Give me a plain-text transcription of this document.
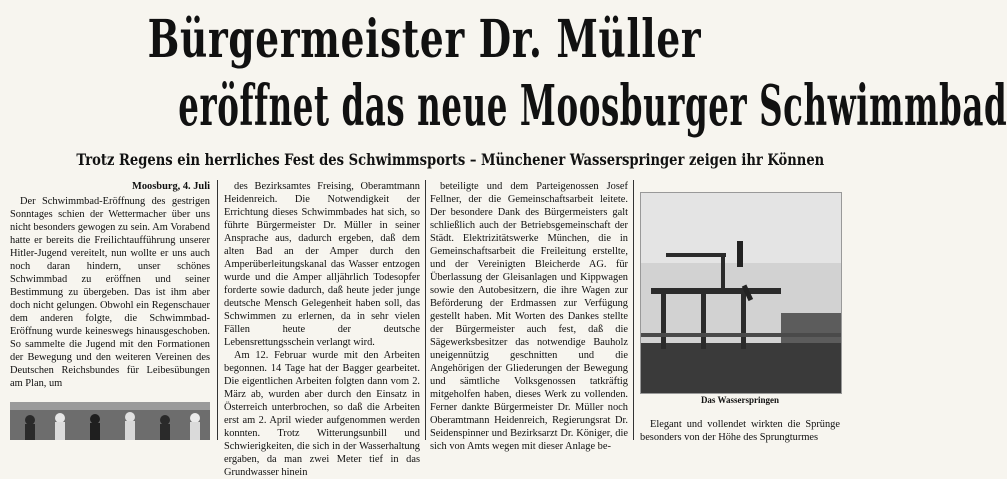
Bürgermeister Dr. Müller
eröffnet das neue Moosburger Schwimmbad
Trotz Regens ein herrliches Fest des Schwimmsports – Münchener Wasserspringer zeigen ihr Können
Moosburg, 4. Juli

Der Schwimmbad-Eröffnung des gestrigen Sonntages schien der Wettermacher über uns nicht besonders gewogen zu sein. Am Vorabend hatte er bereits die Freilichtaufführung unserer Hitler-Jugend vereitelt, nun wollte er uns auch noch daran hindern, unser schönes Schwimmbad zu eröffnen und seiner Bestimmung zu übergeben. Das ist ihm aber doch nicht gelungen. Obwohl ein Regenschauer dem anderen folgte, die Schwimmbad-Eröffnung wurde keineswegs hinausgeschoben. So sammelte die Jugend mit den Formationen der Bewegung und den weiteren Vereinen des Deutschen Reichsbundes für Leibesübungen am Plan, um

des Bezirksamtes Freising, Oberamtmann Heidenreich. Die Notwendigkeit der Errichtung dieses Schwimmbades hat sich, so führte Bürgermeister Dr. Müller in seiner Ansprache aus, dadurch ergeben, daß dem alten Bad an der Amper durch den Amperüberleitungskanal das Wasser entzogen wurde und die Amper alljährlich Todesopfer forderte sowie dadurch, daß heute jeder junge deutsche Mensch Gelegenheit haben soll, das Schwimmen zu erlernen, da in sehr vielen Fällen heute der deutsche Lebensrettungsschein verlangt wird.

Am 12. Februar wurde mit den Arbeiten begonnen. 14 Tage hat der Bagger gearbeitet. Die eigentlichen Arbeiten folgten dann vom 2. März ab, wurden aber durch den Einsatz in Österreich unterbrochen, so daß die Arbeiten erst am 2. April wieder aufgenommen werden konnten. Trotz Witterungsunbill und Schwierigkeiten, die sich in der Wasserhaltung ergaben, da man zwei Meter tief in das Grundwasser hinein

beteiligte und dem Parteigenossen Josef Fellner, der die Gemeinschaftsarbeit leitete. Der besondere Dank des Bürgermeisters galt schließlich auch der Betriebsgemeinschaft der Städt. Elektrizitätswerke München, die in Gemeinschaftsarbeit die Freileitung erstellte, und der Vereinigten Bleicherde AG. für Überlassung der Gleisanlagen und Kippwagen sowie den Autobesitzern, die ihre Wagen zur Beförderung der Erdmassen zur Verfügung gestellt haben. Mit Worten des Dankes stellte der Bürgermeister auch fest, daß die Sägewerksbesitzer das notwendige Bauholz uneigennützig geschnitten und die Angehörigen der Gliederungen der Bewegung und sämtliche Volksgenossen tatkräftig mitgeholfen haben, dieses Werk zu vollenden. Ferner dankte Bürgermeister Dr. Müller noch Oberamtmann Heidenreich, Regierungsrat Dr. Seidenspinner und Bezirksarzt Dr. Königer, die sich von Amts wegen mit dieser Anlage be-

Das Wasserspringen

Elegant und vollendet wirkten die Sprünge besonders von der Höhe des Sprungturmes
